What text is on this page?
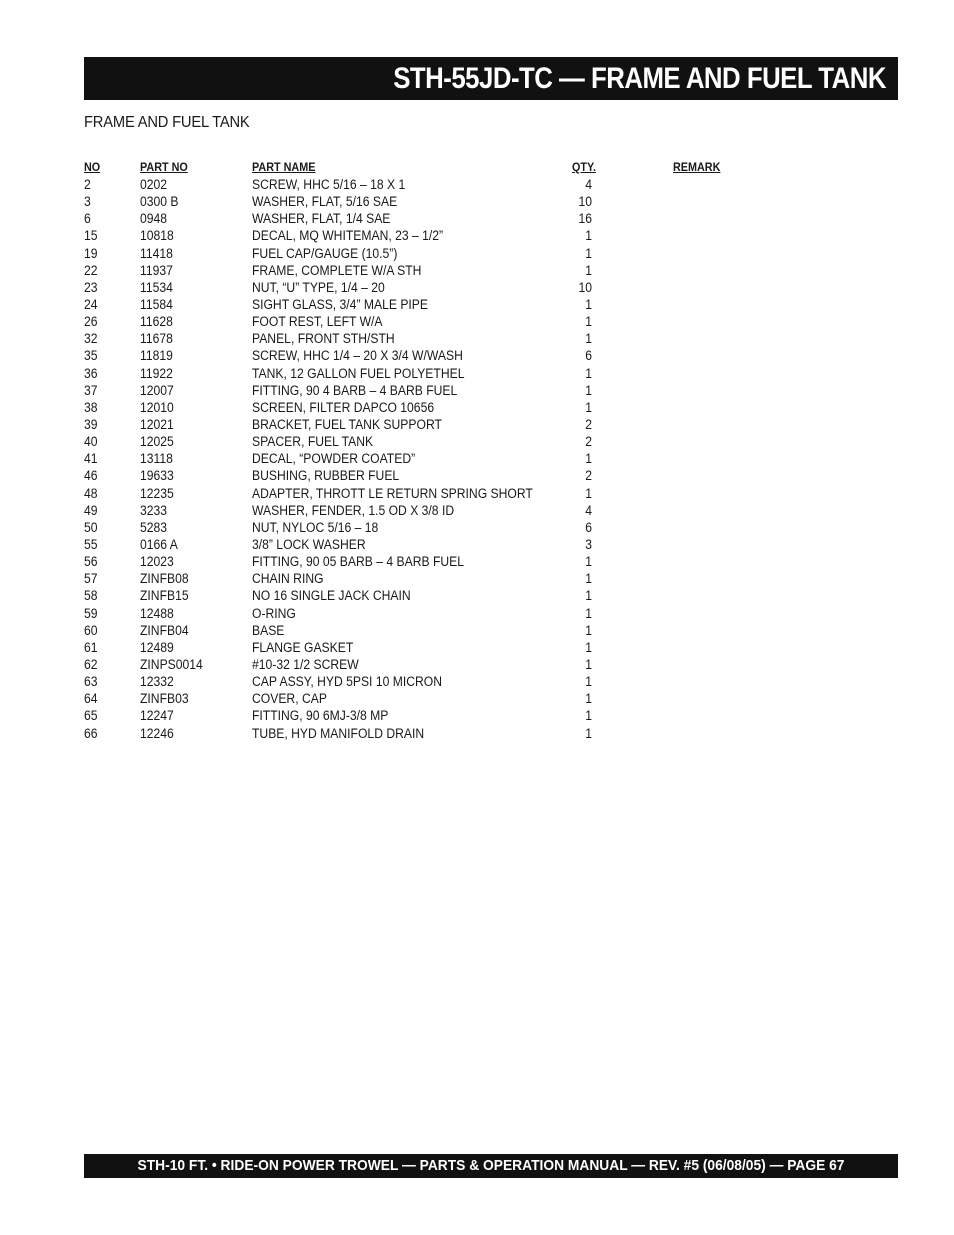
STH-55JD-TC — FRAME AND FUEL TANK
FRAME AND FUEL TANK
NO	PART NO	PART NAME	QTY.	REMARK
2	0202	SCREW, HHC 5/16 – 18 X 1	4
3	0300 B	WASHER, FLAT, 5/16 SAE	10
6	0948	WASHER, FLAT, 1/4 SAE	16
15	10818	DECAL, MQ WHITEMAN, 23 – 1/2”	1
19	11418	FUEL CAP/GAUGE (10.5”)	1
22	11937	FRAME, COMPLETE W/A STH	1
23	11534	NUT, “U” TYPE, 1/4 – 20	10
24	11584	SIGHT GLASS, 3/4” MALE PIPE	1
26	11628	FOOT REST, LEFT W/A	1
32	11678	PANEL, FRONT STH/STH	1
35	11819	SCREW, HHC 1/4 – 20 X 3/4 W/WASH	6
36	11922	TANK, 12 GALLON FUEL POLYETHEL	1
37	12007	FITTING, 90 4 BARB – 4 BARB FUEL	1
38	12010	SCREEN, FILTER DAPCO 10656	1
39	12021	BRACKET, FUEL TANK SUPPORT	2
40	12025	SPACER, FUEL TANK	2
41	13118	DECAL, “POWDER COATED”	1
46	19633	BUSHING, RUBBER FUEL	2
48	12235	ADAPTER, THROTT LE RETURN SPRING SHORT	1
49	3233	WASHER, FENDER, 1.5 OD X 3/8 ID	4
50	5283	NUT, NYLOC 5/16 – 18	6
55	0166 A	3/8” LOCK WASHER	3
56	12023	FITTING, 90 05 BARB – 4 BARB FUEL	1
57	ZINFB08	CHAIN RING	1
58	ZINFB15	NO 16 SINGLE JACK CHAIN	1
59	12488	O-RING	1
60	ZINFB04	BASE	1
61	12489	FLANGE GASKET	1
62	ZINPS0014	#10-32 1/2 SCREW	1
63	12332	CAP ASSY, HYD 5PSI 10 MICRON	1
64	ZINFB03	COVER, CAP	1
65	12247	FITTING, 90 6MJ-3/8 MP	1
66	12246	TUBE, HYD MANIFOLD DRAIN	1
STH-10 FT. • RIDE-ON POWER TROWEL — PARTS & OPERATION MANUAL — REV. #5 (06/08/05) — PAGE 67
